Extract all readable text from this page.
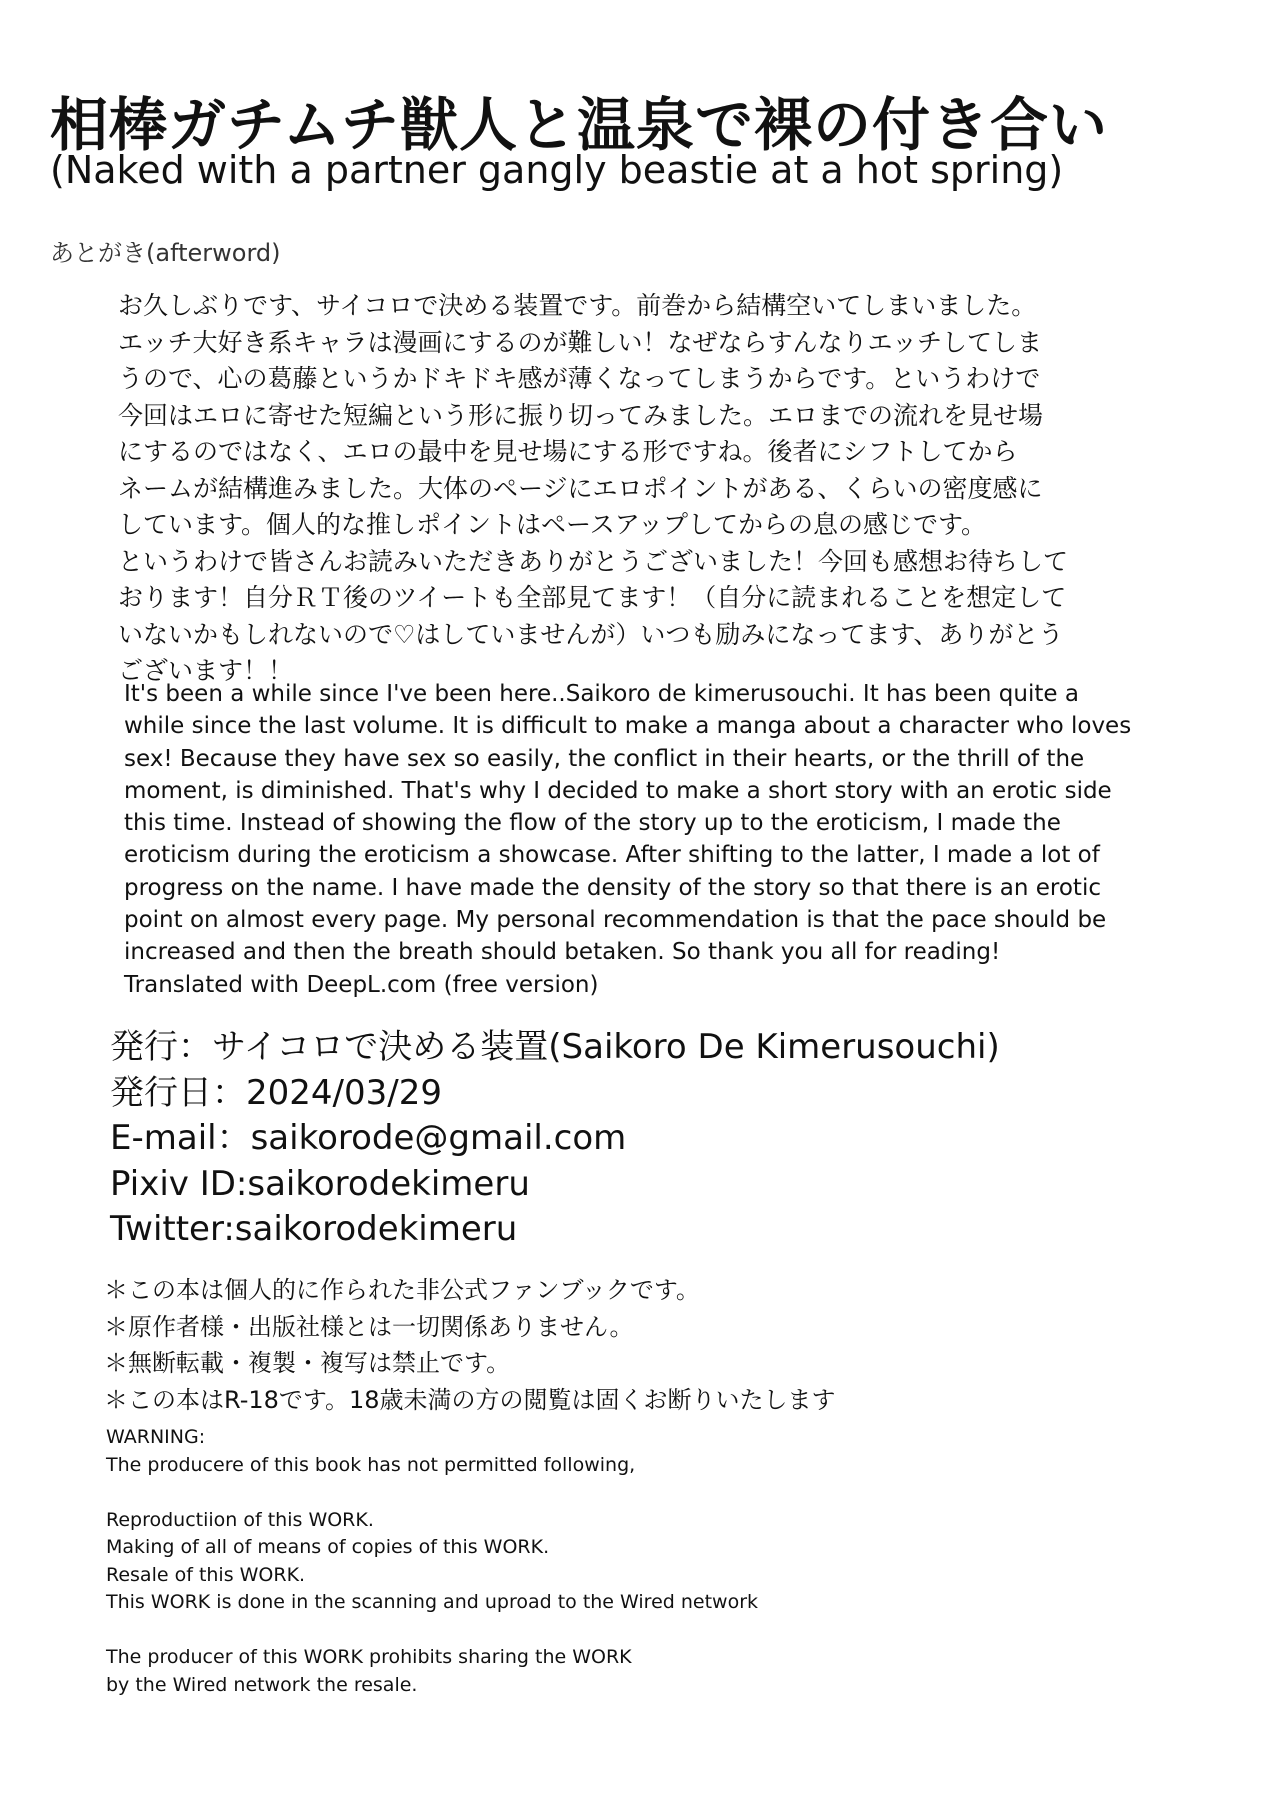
相棒ガチムチ獣人と温泉で裸の付き合い
(Naked with a partner gangly beastie at a hot spring)
あとがき(afterword)
お久しぶりです、サイコロで決める装置です。前巻から結構空いてしまいました。
エッチ大好き系キャラは漫画にするのが難しい！なぜならすんなりエッチしてしま
うので、心の葛藤というかドキドキ感が薄くなってしまうからです。というわけで
今回はエロに寄せた短編という形に振り切ってみました。エロまでの流れを見せ場
にするのではなく、エロの最中を見せ場にする形ですね。後者にシフトしてから
ネームが結構進みました。大体のページにエロポイントがある、くらいの密度感に
しています。個人的な推しポイントはペースアップしてからの息の感じです。
というわけで皆さんお読みいただきありがとうございました！今回も感想お待ちして
おります！自分ＲＴ後のツイートも全部見てます！（自分に読まれることを想定して
いないかもしれないので♡はしていませんが）いつも励みになってます、ありがとう
ございます！！
It's been a while since I've been here..Saikoro de kimerusouchi. It has been quite a
while since the last volume. It is difficult to make a manga about a character who loves
sex! Because they have sex so easily, the conflict in their hearts, or the thrill of the
moment, is diminished. That's why I decided to make a short story with an erotic side
this time. Instead of showing the flow of the story up to the eroticism, I made the
eroticism during the eroticism a showcase. After shifting to the latter, I made a lot of
progress on the name. I have made the density of the story so that there is an erotic
point on almost every page. My personal recommendation is that the pace should be
increased and then the breath should betaken. So thank you all for reading!
Translated with DeepL.com (free version)
発行：サイコロで決める装置(Saikoro De Kimerusouchi)
発行日：2024/03/29
E-mail：saikorode@gmail.com
Pixiv ID:saikorodekimeru
Twitter:saikorodekimeru
＊この本は個人的に作られた非公式ファンブックです。
＊原作者様・出版社様とは一切関係ありません。
＊無断転載・複製・複写は禁止です。
＊この本はR-18です。18歳未満の方の閲覧は固くお断りいたします
WARNING:
The producere of this book has not permitted following,
Reproductiion of this WORK.
Making of all of means of copies of this WORK.
Resale of this WORK.
This WORK is done in the scanning and uproad to the Wired network
The producer of this WORK prohibits sharing the WORK
by the Wired network the resale.
